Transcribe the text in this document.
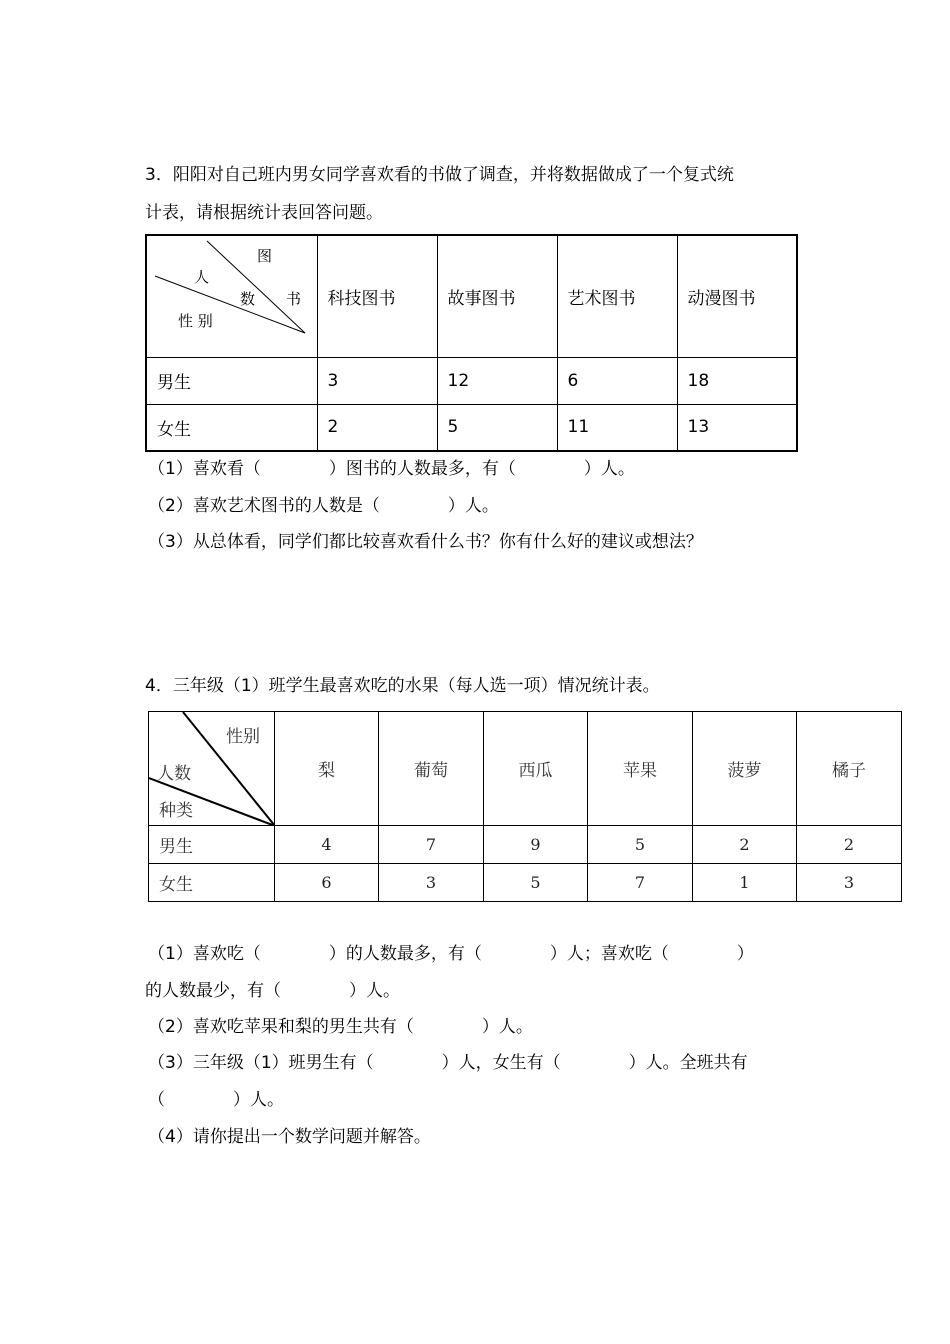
3．阳阳对自己班内男女同学喜欢看的书做了调查，并将数据做成了一个复式统
计表，请根据统计表回答问题。
图
人
数 书
性 别	科技图书	故事图书	艺术图书	动漫图书
男生	3	12	6	18
女生	2	5	11	13
（1）喜欢看（　　　　）图书的人数最多，有（　　　　）人。
（2）喜欢艺术图书的人数是（　　　　）人。
（3）从总体看，同学们都比较喜欢看什么书？你有什么好的建议或想法？
4．三年级（1）班学生最喜欢吃的水果（每人选一项）情况统计表。
性别
人数
种类	梨	葡萄	西瓜	苹果	菠萝	橘子
男生	4	7	9	5	2	2
女生	6	3	5	7	1	3
（1）喜欢吃（　　　　）的人数最多，有（　　　　）人；喜欢吃（　　　　）
的人数最少，有（　　　　）人。
（2）喜欢吃苹果和梨的男生共有（　　　　）人。
（3）三年级（1）班男生有（　　　　）人，女生有（　　　　）人。全班共有
（　　　　）人。
（4）请你提出一个数学问题并解答。
